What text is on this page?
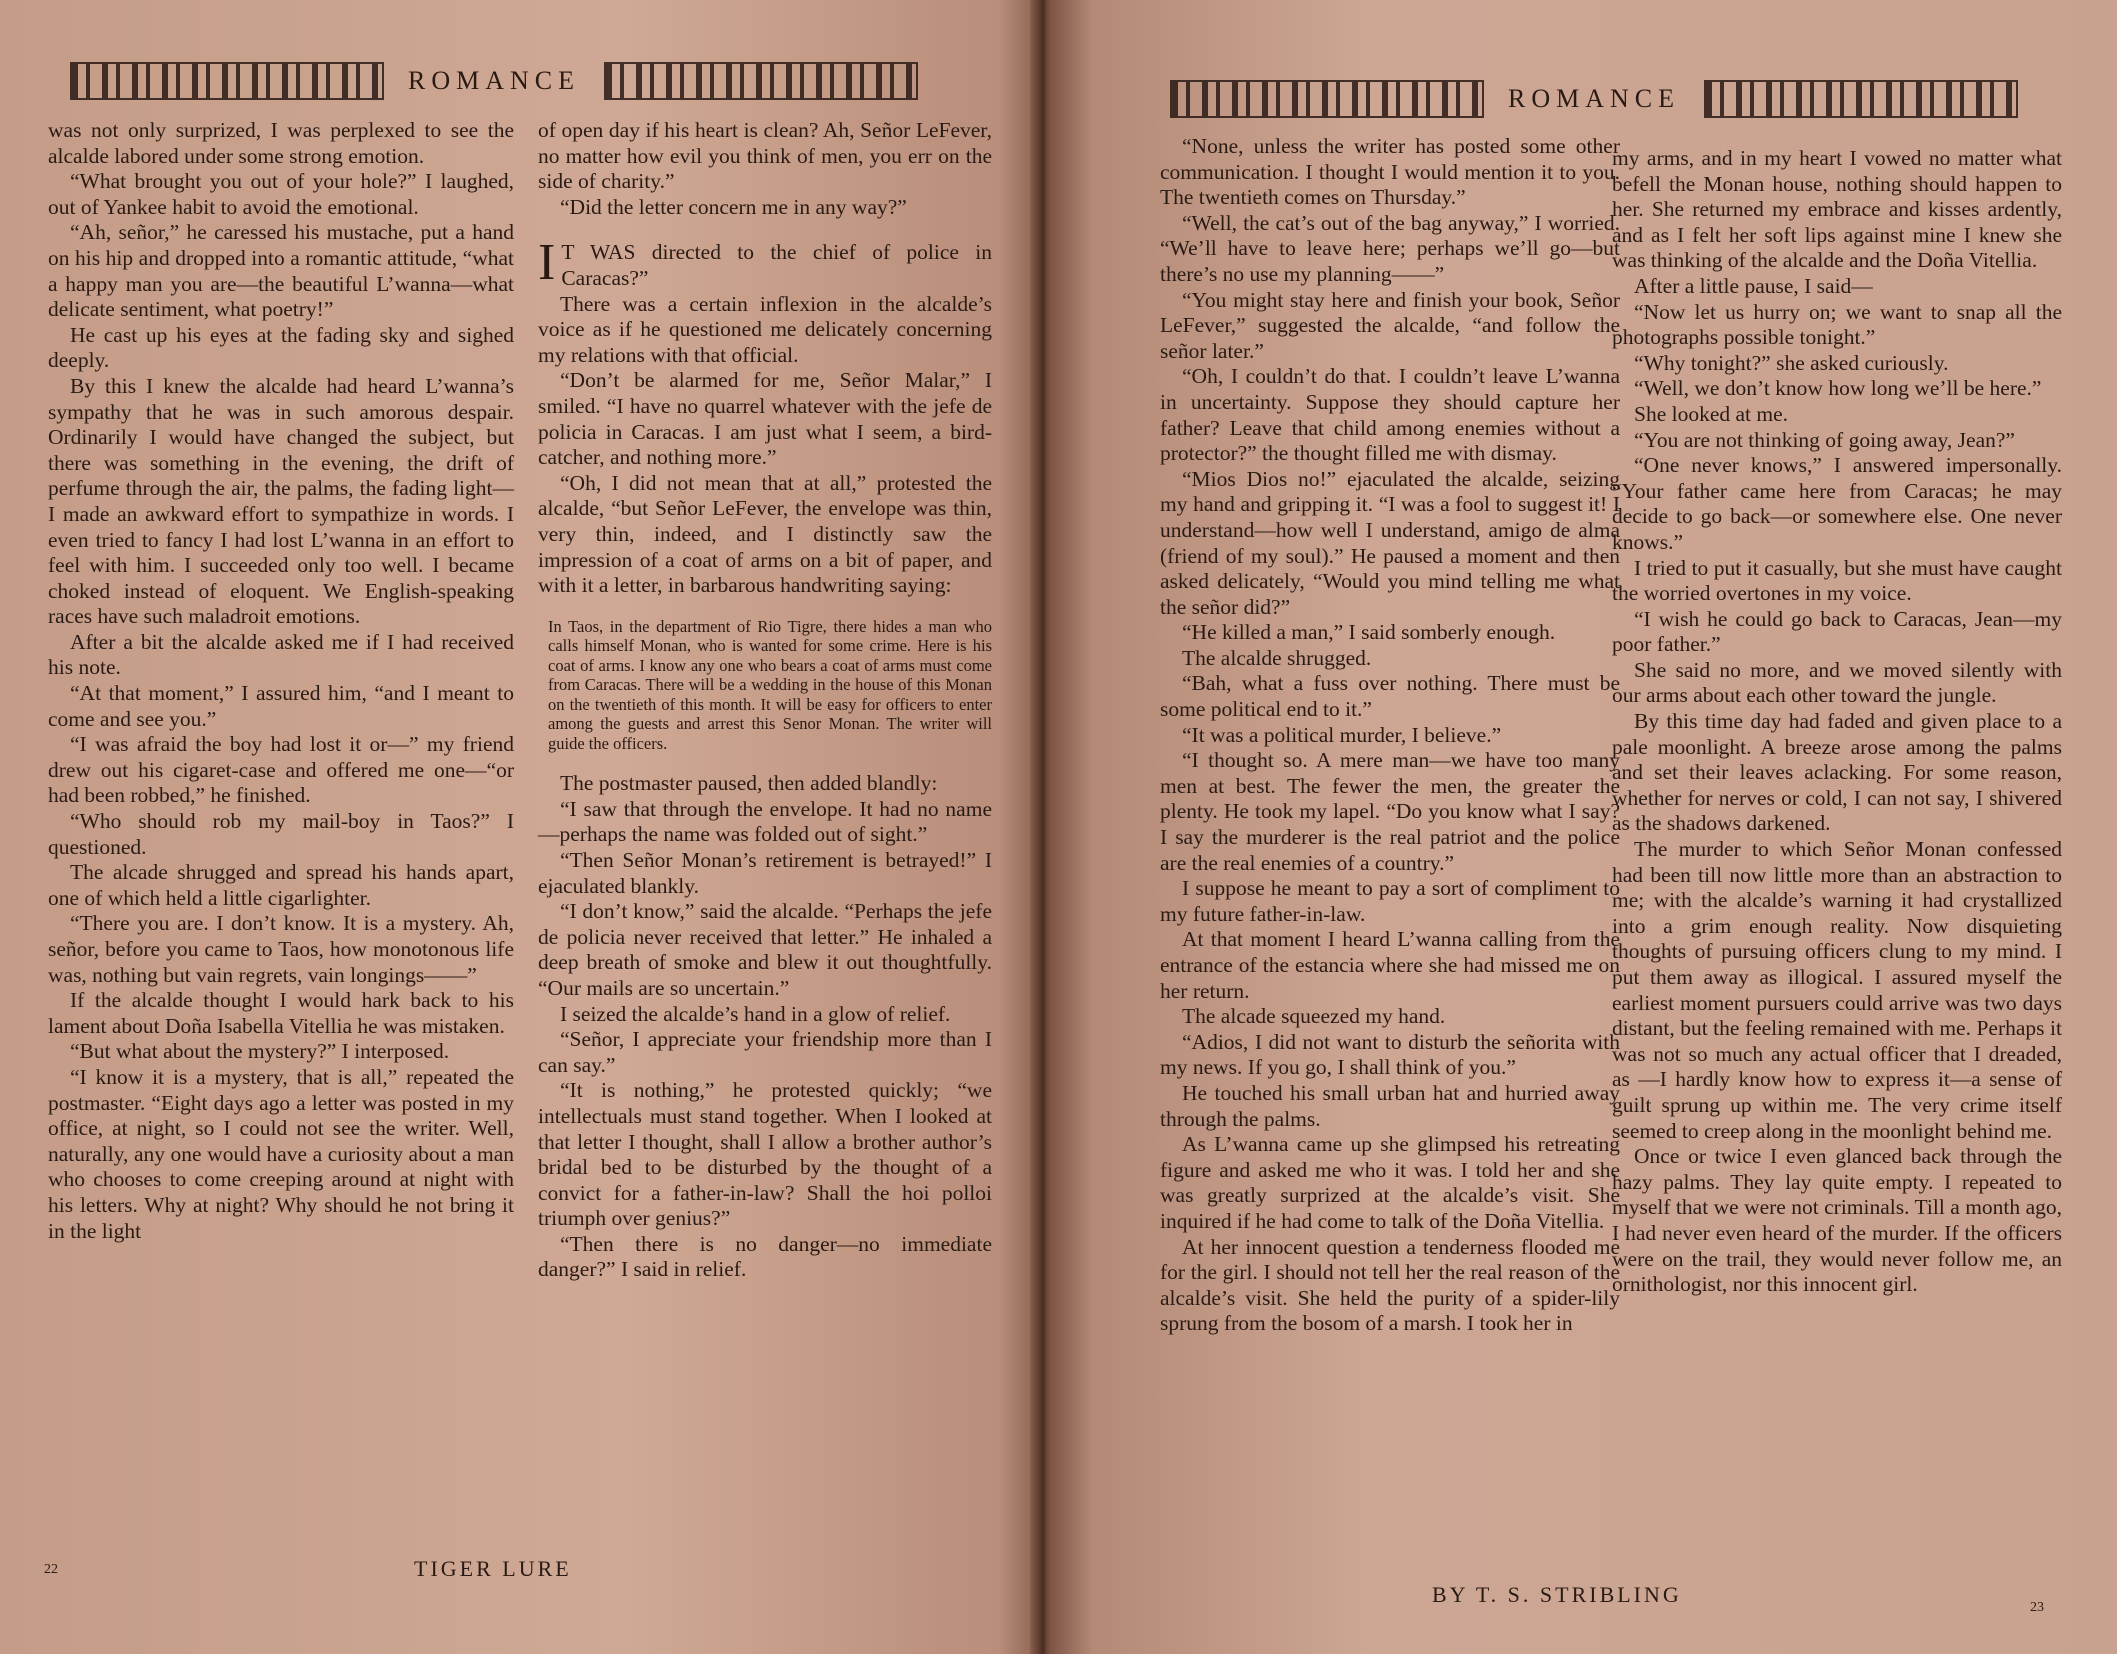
ROMANCE

was not only surprized, I was perplexed to see the alcalde labored under some strong emotion.

“What brought you out of your hole?” I laughed, out of Yankee habit to avoid the emotional.

“Ah, señor,” he caressed his mustache, put a hand on his hip and dropped into a romantic attitude, “what a happy man you are—the beautiful L’wanna—what delicate sentiment, what poetry!”

He cast up his eyes at the fading sky and sighed deeply.

By this I knew the alcalde had heard L’wanna’s sympathy that he was in such amorous despair. Ordinarily I would have changed the subject, but there was something in the evening, the drift of perfume through the air, the palms, the fading light—I made an awkward effort to sympathize in words. I even tried to fancy I had lost L’wanna in an effort to feel with him. I succeeded only too well. I became choked instead of eloquent. We English-speaking races have such maladroit emotions.

After a bit the alcalde asked me if I had received his note.

“At that moment,” I assured him, “and I meant to come and see you.”

“I was afraid the boy had lost it or—” my friend drew out his cigaret-case and offered me one—“or had been robbed,” he finished.

“Who should rob my mail-boy in Taos?” I questioned.

The alcade shrugged and spread his hands apart, one of which held a little cigarlighter.

“There you are. I don’t know. It is a mystery. Ah, señor, before you came to Taos, how monotonous life was, nothing but vain regrets, vain longings——”

If the alcalde thought I would hark back to his lament about Doña Isabella Vitellia he was mistaken.

“But what about the mystery?” I interposed.

“I know it is a mystery, that is all,” repeated the postmaster. “Eight days ago a letter was posted in my office, at night, so I could not see the writer. Well, naturally, any one would have a curiosity about a man who chooses to come creeping around at night with his letters. Why at night? Why should he not bring it in the light

of open day if his heart is clean? Ah, Señor LeFever, no matter how evil you think of men, you err on the side of charity.”

“Did the letter concern me in any way?”

I T WAS directed to the chief of police in Caracas?”

There was a certain inflexion in the alcalde’s voice as if he questioned me delicately concerning my relations with that official.

“Don’t be alarmed for me, Señor Malar,” I smiled. “I have no quarrel whatever with the jefe de policia in Caracas. I am just what I seem, a bird-catcher, and nothing more.”

“Oh, I did not mean that at all,” protested the alcalde, “but Señor LeFever, the envelope was thin, very thin, indeed, and I distinctly saw the impression of a coat of arms on a bit of paper, and with it a letter, in barbarous handwriting saying:

In Taos, in the department of Rio Tigre, there hides a man who calls himself Monan, who is wanted for some crime. Here is his coat of arms. I know any one who bears a coat of arms must come from Caracas. There will be a wedding in the house of this Monan on the twentieth of this month. It will be easy for officers to enter among the guests and arrest this Senor Monan. The writer will guide the officers.

The postmaster paused, then added blandly:

“I saw that through the envelope. It had no name—perhaps the name was folded out of sight.”

“Then Señor Monan’s retirement is betrayed!” I ejaculated blankly.

“I don’t know,” said the alcalde. “Perhaps the jefe de policia never received that letter.” He inhaled a deep breath of smoke and blew it out thoughtfully. “Our mails are so uncertain.”

I seized the alcalde’s hand in a glow of relief.

“Señor, I appreciate your friendship more than I can say.”

“It is nothing,” he protested quickly; “we intellectuals must stand together. When I looked at that letter I thought, shall I allow a brother author’s bridal bed to be disturbed by the thought of a convict for a father-in-law? Shall the hoi polloi triumph over genius?”

“Then there is no danger—no immediate danger?” I said in relief.

22	TIGER LURE
ROMANCE

“None, unless the writer has posted some other communication. I thought I would mention it to you. The twentieth comes on Thursday.”

“Well, the cat’s out of the bag anyway,” I worried. “We’ll have to leave here; perhaps we’ll go—but there’s no use my planning——”

“You might stay here and finish your book, Señor LeFever,” suggested the alcalde, “and follow the señor later.”

“Oh, I couldn’t do that. I couldn’t leave L’wanna in uncertainty. Suppose they should capture her father? Leave that child among enemies without a protector?” the thought filled me with dismay.

“Mios Dios no!” ejaculated the alcalde, seizing my hand and gripping it. “I was a fool to suggest it! I understand—how well I understand, amigo de alma (friend of my soul).” He paused a moment and then asked delicately, “Would you mind telling me what the señor did?”

“He killed a man,” I said somberly enough.

The alcalde shrugged.

“Bah, what a fuss over nothing. There must be some political end to it.”

“It was a political murder, I believe.”

“I thought so. A mere man—we have too many men at best. The fewer the men, the greater the plenty. He took my lapel. “Do you know what I say? I say the murderer is the real patriot and the police are the real enemies of a country.”

I suppose he meant to pay a sort of compliment to my future father-in-law.

At that moment I heard L’wanna calling from the entrance of the estancia where she had missed me on her return.

The alcade squeezed my hand.

“Adios, I did not want to disturb the señorita with my news. If you go, I shall think of you.”

He touched his small urban hat and hurried away through the palms.

As L’wanna came up she glimpsed his retreating figure and asked me who it was. I told her and she was greatly surprized at the alcalde’s visit. She inquired if he had come to talk of the Doña Vitellia.

At her innocent question a tenderness flooded me for the girl. I should not tell her the real reason of the alcalde’s visit. She held the purity of a spider-lily sprung from the bosom of a marsh. I took her in

my arms, and in my heart I vowed no matter what befell the Monan house, nothing should happen to her. She returned my embrace and kisses ardently, and as I felt her soft lips against mine I knew she was thinking of the alcalde and the Doña Vitellia.

After a little pause, I said—

“Now let us hurry on; we want to snap all the photographs possible tonight.”

“Why tonight?” she asked curiously.

“Well, we don’t know how long we’ll be here.”

She looked at me.

“You are not thinking of going away, Jean?”

“One never knows,” I answered impersonally. “Your father came here from Caracas; he may decide to go back—or somewhere else. One never knows.”

I tried to put it casually, but she must have caught the worried overtones in my voice.

“I wish he could go back to Caracas, Jean—my poor father.”

She said no more, and we moved silently with our arms about each other toward the jungle.

By this time day had faded and given place to a pale moonlight. A breeze arose among the palms and set their leaves aclacking. For some reason, whether for nerves or cold, I can not say, I shivered as the shadows darkened.

The murder to which Señor Monan confessed had been till now little more than an abstraction to me; with the alcalde’s warning it had crystallized into a grim enough reality. Now disquieting thoughts of pursuing officers clung to my mind. I put them away as illogical. I assured myself the earliest moment pursuers could arrive was two days distant, but the feeling remained with me. Perhaps it was not so much any actual officer that I dreaded, as —I hardly know how to express it—a sense of guilt sprung up within me. The very crime itself seemed to creep along in the moonlight behind me.

Once or twice I even glanced back through the hazy palms. They lay quite empty. I repeated to myself that we were not criminals. Till a month ago, I had never even heard of the murder. If the officers were on the trail, they would never follow me, an ornithologist, nor this innocent girl.

BY T. S. STRIBLING
23
